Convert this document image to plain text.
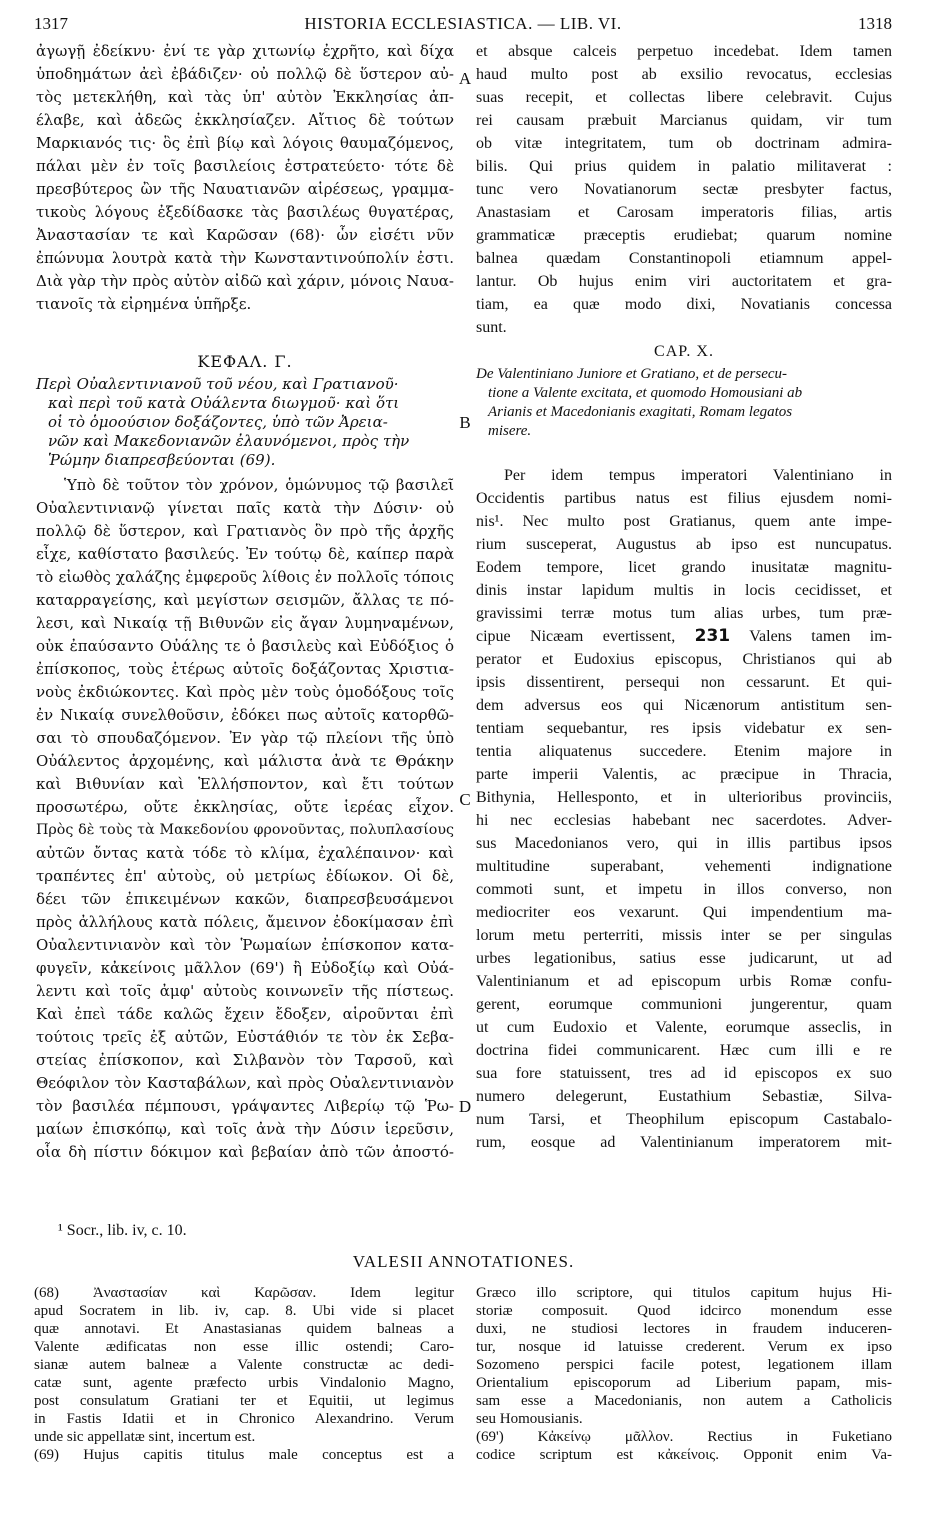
1317	HISTORIA ECCLESIASTICA. — LIB. VI.	1318
ἀγωγῇ ἐδείκνυ· ἐνί τε γὰρ χιτωνίῳ ἐχρῆτο, καὶ δίχα
ὑποδημάτων ἀεὶ ἐβάδιζεν· οὐ πολλῷ δὲ ὕστερον αὐ-
τὸς μετεκλήθη, καὶ τὰς ὑπ' αὐτὸν Ἐκκλησίας ἀπ-
έλαβε, καὶ ἀδεῶς ἐκκλησίαζεν. Αἴτιος δὲ τούτων
Μαρκιανός τις· ὃς ἐπὶ βίῳ καὶ λόγοις θαυμαζόμενος,
πάλαι μὲν ἐν τοῖς βασιλείοις ἐστρατεύετο· τότε δὲ
πρεσβύτερος ὢν τῆς Ναυατιανῶν αἱρέσεως, γραμμα-
τικοὺς λόγους ἐξεδίδασκε τὰς βασιλέως θυγατέρας,
Ἀναστασίαν τε καὶ Καρῶσαν (68)· ὧν εἰσέτι νῦν
ἐπώνυμα λουτρὰ κατὰ τὴν Κωνσταντινούπολίν ἐστι.
Διὰ γὰρ τὴν πρὸς αὐτὸν αἰδῶ καὶ χάριν, μόνοις Ναυα-
τιανοῖς τὰ εἰρημένα ὑπῆρξε.
ΚΕΦΑΛ. Γ.
Περὶ Οὐαλεντινιανοῦ τοῦ νέου, καὶ Γρατιανοῦ·
καὶ περὶ τοῦ κατὰ Οὐάλεντα διωγμοῦ· καὶ ὅτι
οἱ τὸ ὁμοούσιον δοξάζοντες, ὑπὸ τῶν Ἀρεια-
νῶν καὶ Μακεδονιανῶν ἐλαυνόμενοι, πρὸς τὴν
Ῥώμην διαπρεσβεύονται (69).
Ὑπὸ δὲ τοῦτον τὸν χρόνον, ὁμώνυμος τῷ βασιλεῖ
Οὐαλεντινιανῷ γίνεται παῖς κατὰ τὴν Δύσιν· οὐ
πολλῷ δὲ ὕστερον, καὶ Γρατιανὸς ὃν πρὸ τῆς ἀρχῆς
εἶχε, καθίστατο βασιλεύς. Ἐν τούτῳ δὲ, καίπερ παρὰ
τὸ εἰωθὸς χαλάζης ἐμφεροῦς λίθοις ἐν πολλοῖς τόποις
καταρραγείσης, καὶ μεγίστων σεισμῶν, ἄλλας τε πό-
λεσι, καὶ Νικαίᾳ τῇ Βιθυνῶν εἰς ἄγαν λυμηναμένων,
οὐκ ἐπαύσαντο Οὐάλης τε ὁ βασιλεὺς καὶ Εὐδόξιος ὁ
ἐπίσκοπος, τοὺς ἑτέρως αὐτοῖς δοξάζοντας Χριστια-
νοὺς ἐκδιώκοντες. Καὶ πρὸς μὲν τοὺς ὁμοδόξους τοῖς
ἐν Νικαίᾳ συνελθοῦσιν, ἐδόκει πως αὐτοῖς κατορθῶ-
σαι τὸ σπουδαζόμενον. Ἐν γὰρ τῷ πλείονι τῆς ὑπὸ
Οὐάλεντος ἀρχομένης, καὶ μάλιστα ἀνὰ τε Θράκην
καὶ Βιθυνίαν καὶ Ἑλλήσποντον, καὶ ἔτι τούτων
προσωτέρω, οὔτε ἐκκλησίας, οὔτε ἱερέας εἶχον.
Πρὸς δὲ τοὺς τὰ Μακεδονίου φρονοῦντας, πολυπλασίους
αὐτῶν ὄντας κατὰ τόδε τὸ κλίμα, ἐχαλέπαινον· καὶ
τραπέντες ἐπ' αὐτοὺς, οὐ μετρίως ἐδίωκον. Οἱ δὲ,
δέει τῶν ἐπικειμένων κακῶν, διαπρεσβευσάμενοι
πρὸς ἀλλήλους κατὰ πόλεις, ἄμεινον ἐδοκίμασαν ἐπὶ
Οὐαλεντινιανὸν καὶ τὸν Ῥωμαίων ἐπίσκοπον κατα-
φυγεῖν, κἀκείνοις μᾶλλον (69') ἢ Εὐδοξίῳ καὶ Οὐά-
λεντι καὶ τοῖς ἀμφ' αὐτοὺς κοινωνεῖν τῆς πίστεως.
Καὶ ἐπεὶ τάδε καλῶς ἔχειν ἔδοξεν, αἱροῦνται ἐπὶ
τούτοις τρεῖς ἐξ αὐτῶν, Εὐστάθιόν τε τὸν ἐκ Σεβα-
στείας ἐπίσκοπον, καὶ Σιλβανὸν τὸν Ταρσοῦ, καὶ
Θεόφιλον τὸν Κασταβάλων, καὶ πρὸς Οὐαλεντινιανὸν
τὸν βασιλέα πέμπουσι, γράψαντες Λιβερίῳ τῷ Ῥω-
μαίων ἐπισκόπῳ, καὶ τοῖς ἀνὰ τὴν Δύσιν ἱερεῦσιν,
οἷα δὴ πίστιν δόκιμον καὶ βεβαίαν ἀπὸ τῶν ἀποστό-
A
B
C
D
et absque calceis perpetuo incedebat. Idem tamen
haud multo post ab exsilio revocatus, ecclesias
suas recepit, et collectas libere celebravit. Cujus
rei causam præbuit Marcianus quidam, vir tum
ob vitæ integritatem, tum ob doctrinam admira-
bilis. Qui prius quidem in palatio militaverat :
tunc vero Novatianorum sectæ presbyter factus,
Anastasiam et Carosam imperatoris filias, artis
grammaticæ præceptis erudiebat; quarum nomine
balnea quædam Constantinopoli etiamnum appel-
lantur. Ob hujus enim viri auctoritatem et gra-
tiam, ea quæ modo dixi, Novatianis concessa
sunt.
CAP. X.
De Valentiniano Juniore et Gratiano, et de persecu-
tione a Valente excitata, et quomodo Homousiani ab
Arianis et Macedonianis exagitati, Romam legatos
misere.
Per idem tempus imperatori Valentiniano in
Occidentis partibus natus est filius ejusdem nomi-
nis¹. Nec multo post Gratianus, quem ante impe-
rium susceperat, Augustus ab ipso est nuncupatus.
Eodem tempore, licet grando inusitatæ magnitu-
dinis instar lapidum multis in locis cecidisset, et
gravissimi terræ motus tum alias urbes, tum præ-
cipue Nicæam evertissent, 231 Valens tamen im-
perator et Eudoxius episcopus, Christianos qui ab
ipsis dissentirent, persequi non cessarunt. Et qui-
dem adversus eos qui Nicænorum antistitum sen-
tentiam sequebantur, res ipsis videbatur ex sen-
tentia aliquatenus succedere. Etenim majore in
parte imperii Valentis, ac præcipue in Thracia,
Bithynia, Hellesponto, et in ulterioribus provinciis,
hi nec ecclesias habebant nec sacerdotes. Adver-
sus Macedonianos vero, qui in illis partibus ipsos
multitudine superabant, vehementi indignatione
commoti sunt, et impetu in illos converso, non
mediocriter eos vexarunt. Qui impendentium ma-
lorum metu perterriti, missis inter se per singulas
urbes legationibus, satius esse judicarunt, ut ad
Valentinianum et ad episcopum urbis Romæ confu-
gerent, eorumque communioni jungerentur, quam
ut cum Eudoxio et Valente, eorumque asseclis, in
doctrina fidei communicarent. Hæc cum illi e re
sua fore statuissent, tres ad id episcopos ex suo
numero delegerunt, Eustathium Sebastiæ, Silva-
num Tarsi, et Theophilum episcopum Castabalo-
rum, eosque ad Valentinianum imperatorem mit-
¹ Socr., lib. iv, c. 10.
VALESII ANNOTATIONES.
(68) Ἀναστασίαν καὶ Καρῶσαν. Idem legitur
apud Socratem in lib. iv, cap. 8. Ubi vide si placet
quæ annotavi. Et Anastasianas quidem balneas a
Valente ædificatas non esse illic ostendi; Caro-
sianæ autem balneæ a Valente constructæ ac dedi-
catæ sunt, agente præfecto urbis Vindalonio Magno,
post consulatum Gratiani ter et Equitii, ut legimus
in Fastis Idatii et in Chronico Alexandrino. Verum
unde sic appellatæ sint, incertum est.
(69) Hujus capitis titulus male conceptus est a
Græco illo scriptore, qui titulos capitum hujus Hi-
storiæ composuit. Quod idcirco monendum esse
duxi, ne studiosi lectores in fraudem induceren-
tur, nosque id latuisse crederent. Verum ex ipso
Sozomeno perspici facile potest, legationem illam
Orientalium episcoporum ad Liberium papam, mis-
sam esse a Macedonianis, non autem a Catholicis
seu Homousianis.
(69') Κἀκείνῳ μᾶλλον. Rectius in Fuketiano
codice scriptum est κἀκείνοις. Opponit enim Va-
